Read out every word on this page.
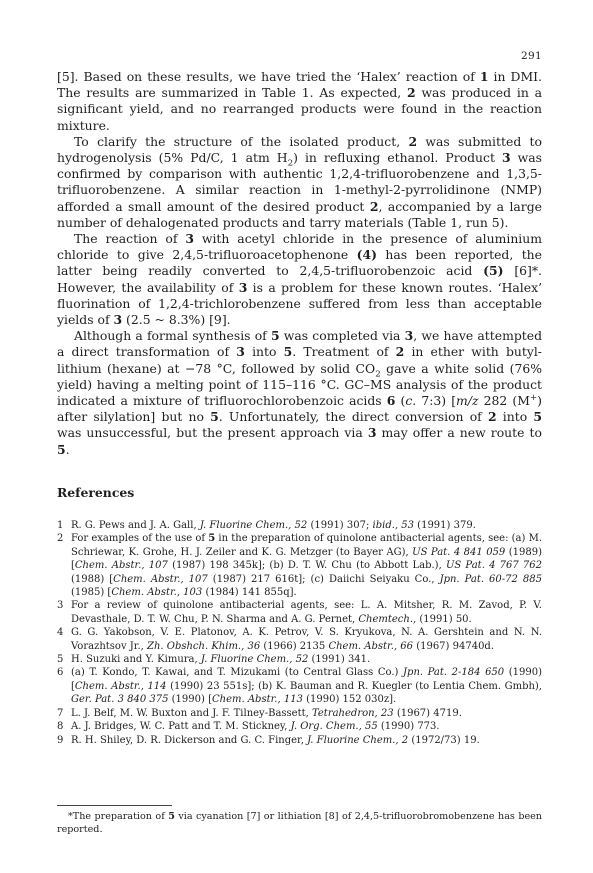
291

[5]. Based on these results, we have tried the ‘Halex’ reaction of 1 in DMI. The results are summarized in Table 1. As expected, 2 was produced in a significant yield, and no rearranged products were found in the reaction mixture.

To clarify the structure of the isolated product, 2 was submitted to hydrogenolysis (5% Pd/C, 1 atm $H_2$) in refluxing ethanol. Product 3 was confirmed by comparison with authentic 1,2,4-trifluorobenzene and 1,3,5-trifluorobenzene. A similar reaction in 1-methyl-2-pyrrolidinone (NMP) afforded a small amount of the desired product 2, accompanied by a large number of dehalogenated products and tarry materials (Table 1, run 5).

The reaction of 3 with acetyl chloride in the presence of aluminium chloride to give 2,4,5-trifluoroacetophenone (4) has been reported, the latter being readily converted to 2,4,5-trifluorobenzoic acid (5) [6]*. However, the availability of 3 is a problem for these known routes. ‘Halex’ fluorination of 1,2,4-trichlorobenzene suffered from less than acceptable yields of 3 (2.5 ~ 8.3%) [9].

Although a formal synthesis of 5 was completed via 3, we have attempted a direct transformation of 3 into 5. Treatment of 2 in ether with butyl-lithium (hexane) at −78 °C, followed by solid $CO_2$ gave a white solid (76% yield) having a melting point of 115–116 °C. GC–MS analysis of the product indicated a mixture of trifluorochlorobenzoic acids 6 (c. 7:3) [m/z 282 (M+) after silylation] but no 5. Unfortunately, the direct conversion of 2 into 5 was unsuccessful, but the present approach via 3 may offer a new route to 5.

References
1 R. G. Pews and J. A. Gall, J. Fluorine Chem., 52 (1991) 307; ibid., 53 (1991) 379.
2 For examples of the use of 5 in the preparation of quinolone antibacterial agents, see: (a) M. Schriewar, K. Grohe, H. J. Zeiler and K. G. Metzger (to Bayer AG), US Pat. 4 841 059 (1989) [Chem. Abstr., 107 (1987) 198 345k]; (b) D. T. W. Chu (to Abbott Lab.), US Pat. 4 767 762 (1988) [Chem. Abstr., 107 (1987) 217 616t]; (c) Daiichi Seiyaku Co., Jpn. Pat. 60-72 885 (1985) [Chem. Abstr., 103 (1984) 141 855q].
3 For a review of quinolone antibacterial agents, see: L. A. Mitsher, R. M. Zavod, P. V. Devasthale, D. T. W. Chu, P. N. Sharma and A. G. Pernet, Chemtech., (1991) 50.
4 G. G. Yakobson, V. E. Platonov, A. K. Petrov, V. S. Kryukova, N. A. Gershtein and N. N. Vorazhtsov Jr., Zh. Obshch. Khim., 36 (1966) 2135 Chem. Abstr., 66 (1967) 94740d.
5 H. Suzuki and Y. Kimura, J. Fluorine Chem., 52 (1991) 341.
6 (a) T. Kondo, T. Kawai, and T. Mizukami (to Central Glass Co.) Jpn. Pat. 2-184 650 (1990) [Chem. Abstr., 114 (1990) 23 551s]; (b) K. Bauman and R. Kuegler (to Lentia Chem. Gmbh), Ger. Pat. 3 840 375 (1990) [Chem. Abstr., 113 (1990) 152 030z].
7 L. J. Belf, M. W. Buxton and J. F. Tilney-Bassett, Tetrahedron, 23 (1967) 4719.
8 A. J. Bridges, W. C. Patt and T. M. Stickney, J. Org. Chem., 55 (1990) 773.
9 R. H. Shiley, D. R. Dickerson and G. C. Finger, J. Fluorine Chem., 2 (1972/73) 19.

*The preparation of 5 via cyanation [7] or lithiation [8] of 2,4,5-trifluorobromobenzene has been reported.
